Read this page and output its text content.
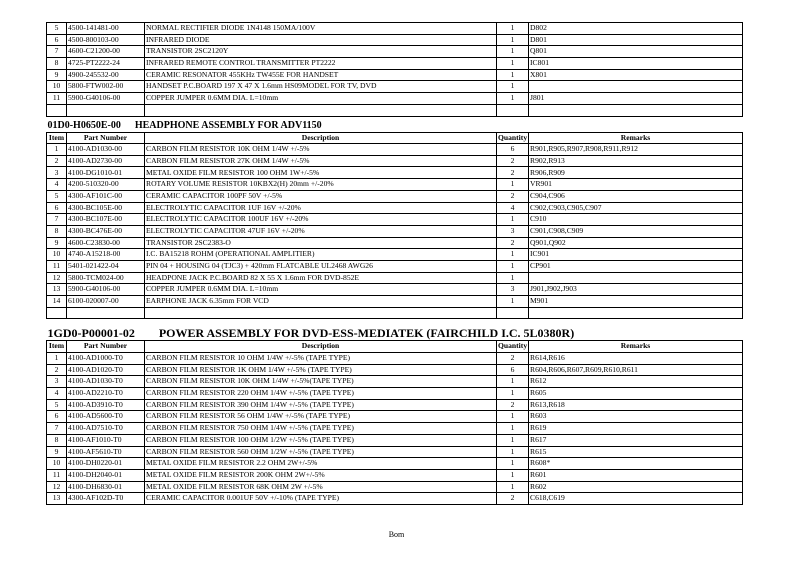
5	4500-141481-00	NORMAL RECTIFIER DIODE 1N4148 150MA/100V	1	D802
6	4500-800103-00	INFRARED DIODE	1	D801
7	4600-C21200-00	TRANSISTOR 2SC2120Y	1	Q801
8	4725-PT2222-24	INFRARED REMOTE CONTROL TRANSMITTER PT2222	1	IC801
9	4900-245532-00	CERAMIC RESONATOR 455KHz TW455E FOR HANDSET	1	X801
10	5800-FTW002-00	HANDSET P.C.BOARD 197 X 47 X 1.6mm HS09MODEL FOR TV, DVD	1	
11	5900-G40106-00	COPPER JUMPER 0.6MM DIA. L=10mm	1	J801

01D0-H0650E-00 HEADPHONE ASSEMBLY FOR ADV1150				
Item	Part Number	Description	Quantity	Remarks
1	4100-AD1030-00	CARBON FILM RESISTOR 10K OHM 1/4W +/-5%	6	R901,R905,R907,R908,R911,R912
2	4100-AD2730-00	CARBON FILM RESISTOR 27K OHM 1/4W +/-5%	2	R902,R913
3	4100-DG1010-01	METAL OXIDE FILM RESISTOR 100 OHM 1W+/-5%	2	R906,R909
4	4200-510320-00	ROTARY VOLUME RESISTOR 10KBX2(H) 20mm +/-20%	1	VR901
5	4300-AF101C-00	CERAMIC CAPACITOR 100PF 50V +/-5%	2	C904,C906
6	4300-BC105E-00	ELECTROLYTIC CAPACITOR 1UF 16V +/-20%	4	C902,C903,C905,C907
7	4300-BC107E-00	ELECTROLYTIC CAPACITOR 100UF 16V +/-20%	1	C910
8	4300-BC476E-00	ELECTROLYTIC CAPACITOR 47UF 16V +/-20%	3	C901,C908,C909
9	4600-C23830-00	TRANSISTOR 2SC2383-O	2	Q901,Q902
10	4740-A15218-00	I.C. BA15218 ROHM (OPERATIONAL AMPLITIER)	1	IC901
11	5401-021422-04	PIN 04 + HOUSING 04 (TJC3) + 420mm FLATCABLE UL2468 AWG26	1	CP901
12	5800-TCM024-00	HEADPONE JACK P.C.BOARD 82 X 55 X 1.6mm FOR DVD-852E	1	
13	5900-G40106-00	COPPER JUMPER 0.6MM DIA. L=10mm	3	J901,J902,J903
14	6100-020007-00	EARPHONE JACK 6.35mm FOR VCD	1	M901

1GD0-P00001-02 POWER ASSEMBLY FOR DVD-ESS-MEDIATEK (FAIRCHILD I.C. 5L0380R)				
Item	Part Number	Description	Quantity	Remarks
1	4100-AD1000-T0	CARBON FILM RESISTOR 10 OHM 1/4W +/-5% (TAPE TYPE)	2	R614,R616
2	4100-AD1020-T0	CARBON FILM RESISTOR 1K OHM 1/4W +/-5% (TAPE TYPE)	6	R604,R606,R607,R609,R610,R611
3	4100-AD1030-T0	CARBON FILM RESISTOR 10K OHM 1/4W +/-5%(TAPE TYPE)	1	R612
4	4100-AD2210-T0	CARBON FILM RESISTOR 220 OHM 1/4W +/-5% (TAPE TYPE)	1	R605
5	4100-AD3910-T0	CARBON FILM RESISTOR 390 OHM 1/4W +/-5% (TAPE TYPE)	2	R613,R618
6	4100-AD5600-T0	CARBON FILM RESISTOR 56 OHM 1/4W +/-5% (TAPE TYPE)	1	R603
7	4100-AD7510-T0	CARBON FILM RESISTOR 750 OHM 1/4W +/-5% (TAPE TYPE)	1	R619
8	4100-AF1010-T0	CARBON FILM RESISTOR 100 OHM 1/2W +/-5% (TAPE TYPE)	1	R617
9	4100-AF5610-T0	CARBON FILM RESISTOR 560 OHM 1/2W +/-5% (TAPE TYPE)	1	R615
10	4100-DH0220-01	METAL OXIDE FILM RESISTOR 2.2 OHM 2W+/-5%	1	R608*
11	4100-DH2040-01	METAL OXIDE FILM RESISTOR 200K OHM 2W+/-5%	1	R601
12	4100-DH6830-01	METAL OXIDE FILM RESISTOR 68K OHM 2W +/-5%	1	R602
13	4300-AF102D-T0	CERAMIC CAPACITOR 0.001UF 50V +/-10% (TAPE TYPE)	2	C618,C619
Bom
